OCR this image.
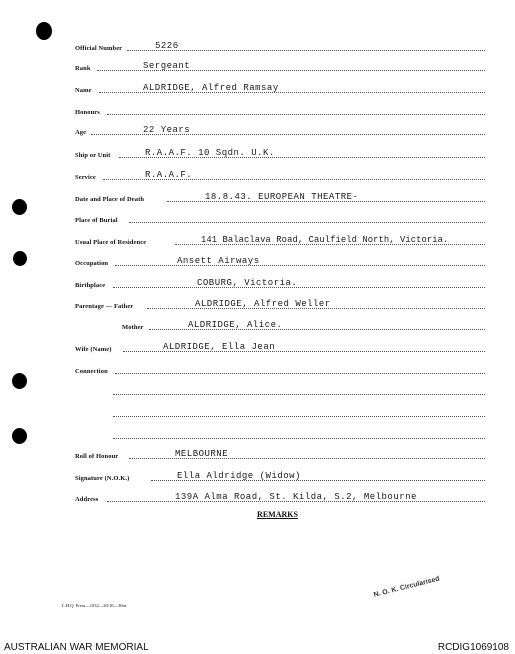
Official Number	5226
Rank	Sergeant
Name	ALDRIDGE, Alfred Ramsay
Honours
Age	22 Years
Ship or Unit	R.A.A.F. 10 Sqdn. U.K.
Service	R.A.A.F.
Date and Place of Death	18.8.43. EUROPEAN THEATRE-
Place of Burial
Usual Place of Residence	141 Balaclava Road, Caulfield North, Victoria.
Occupation	Ansett Airways
Birthplace	COBURG, Victoria.
Parentage — Father	ALDRIDGE, Alfred Weller
Mother	ALDRIDGE, Alice.
Wife (Name)	ALDRIDGE, Ella Jean
Connection
Roll of Honour	MELBOURNE
Signature (N.O.K.)	Ella Aldridge (Widow)
Address	139A Alma Road, St. Kilda, S.2, Melbourne
REMARKS
L.H.Q. Press—1032—20/10—30m.
N. O. K. Circularised
AUSTRALIAN WAR MEMORIAL	RCDIG1069108
